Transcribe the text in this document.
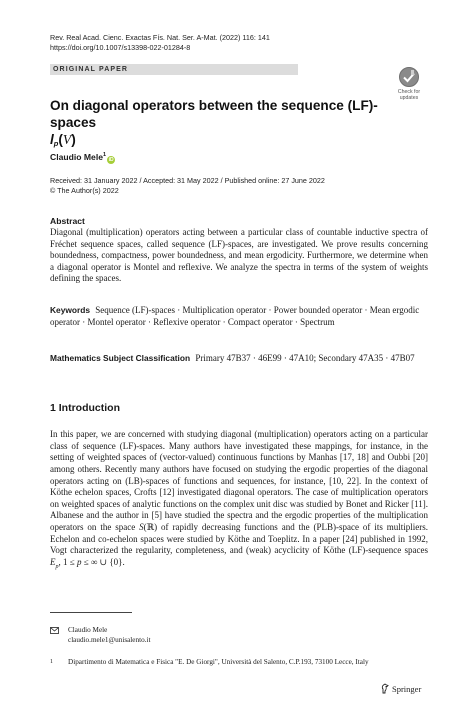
Rev. Real Acad. Cienc. Exactas Fís. Nat. Ser. A-Mat. (2022) 116: 141
https://doi.org/10.1007/s13398-022-01284-8
ORIGINAL PAPER
Check for
updates
On diagonal operators between the sequence (LF)-spaces
$l_p(V)$
Claudio Mele$^1$iD
Received: 31 January 2022 / Accepted: 31 May 2022 / Published online: 27 June 2022
© The Author(s) 2022
Abstract
Diagonal (multiplication) operators acting between a particular class of countable inductive spectra of Fréchet sequence spaces, called sequence (LF)-spaces, are investigated. We prove results concerning boundedness, compactness, power boundedness, and mean ergodicity. Furthermore, we determine when a diagonal operator is Montel and reflexive. We analyze the spectra in terms of the system of weights defining the spaces.
Keywords Sequence (LF)-spaces · Multiplication operator · Power bounded operator · Mean ergodic operator · Montel operator · Reflexive operator · Compact operator · Spectrum
Mathematics Subject Classification Primary 47B37 · 46E99 · 47A10; Secondary 47A35 · 47B07
1 Introduction

In this paper, we are concerned with studying diagonal (multiplication) operators acting on a particular class of sequence (LF)-spaces. Many authors have investigated these mappings, for instance, in the setting of weighted spaces of (vector-valued) continuous functions by Manhas [17, 18] and Oubbi [20] among others. Recently many authors have focused on studying the ergodic properties of the diagonal operators acting on (LB)-spaces of functions and sequences, for instance, [10, 22]. In the context of Köthe echelon spaces, Crofts [12] investigated diagonal operators. The case of multiplication operators on weighted spaces of analytic functions on the complex unit disc was studied by Bonet and Ricker [11]. Albanese and the author in [5] have studied the spectra and the ergodic properties of the multiplication operators on the space S(ℝ) of rapidly decreasing functions and the (PLB)-space of its multipliers. Echelon and co-echelon spaces were studied by Köthe and Toeplitz. In a paper [24] published in 1992, Vogt characterized the regularity, completeness, and (weak) acyclicity of Köthe (LF)-sequence spaces $E_p$, 1 ≤ p ≤ ∞ ∪ {0}.

Claudio Mele
claudio.mele1@unisalento.it
1 Dipartimento di Matematica e Fisica "E. De Giorgi", Università del Salento, C.P.193, 73100 Lecce, Italy
Springer
